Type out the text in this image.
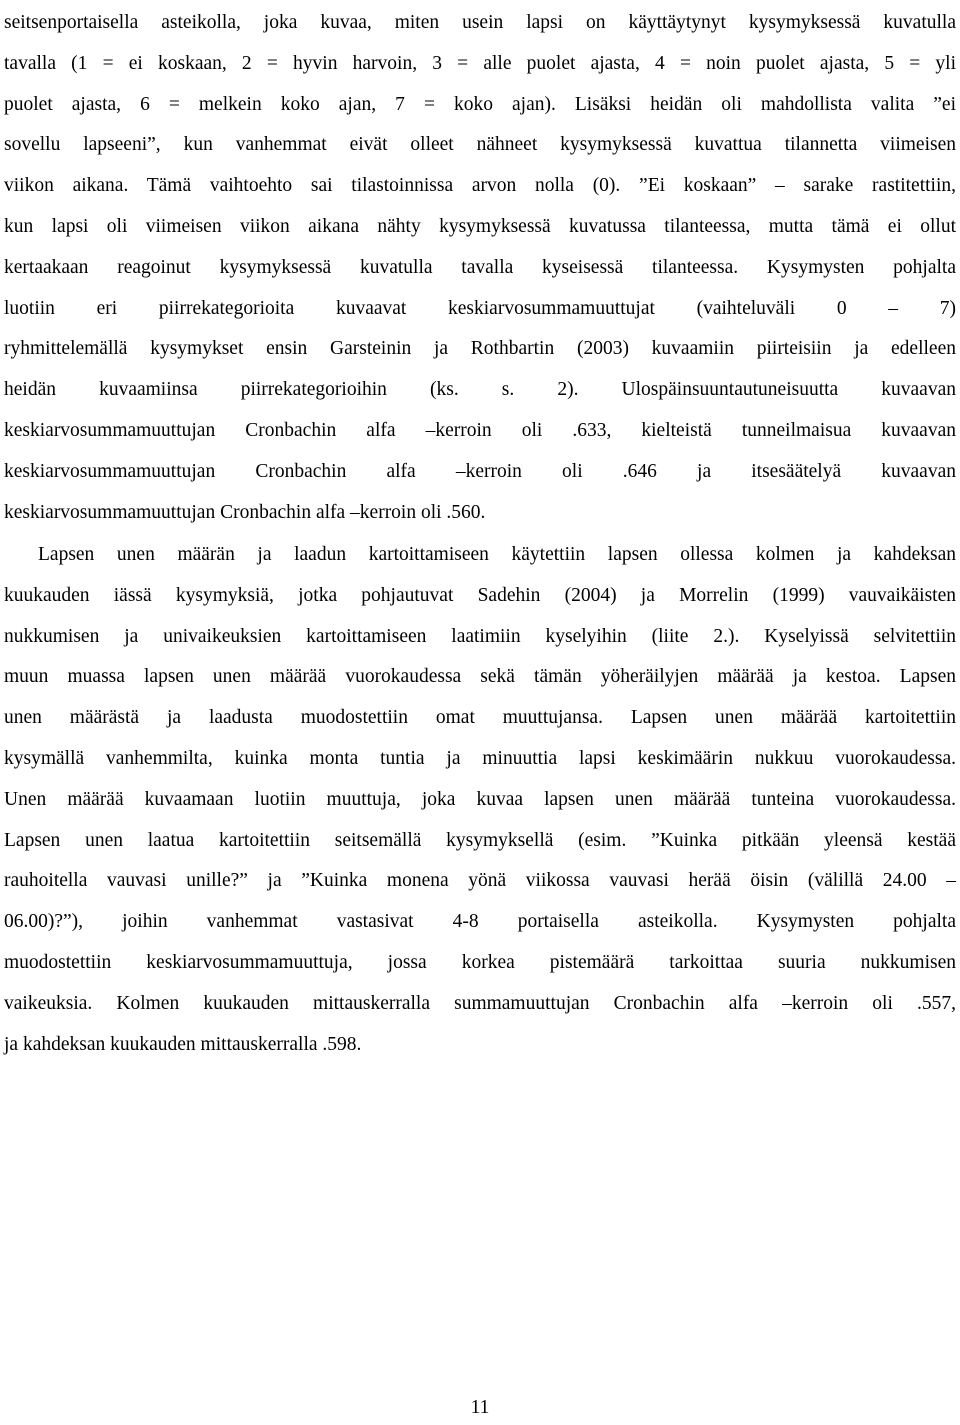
seitsenportaisella asteikolla, joka kuvaa, miten usein lapsi on käyttäytynyt kysymyksessä kuvatulla
tavalla (1 = ei koskaan, 2 = hyvin harvoin, 3 = alle puolet ajasta, 4 = noin puolet ajasta, 5 = yli
puolet ajasta, 6 = melkein koko ajan, 7 = koko ajan). Lisäksi heidän oli mahdollista valita ”ei
sovellu lapseeni”, kun vanhemmat eivät olleet nähneet kysymyksessä kuvattua tilannetta viimeisen
viikon aikana. Tämä vaihtoehto sai tilastoinnissa arvon nolla (0). ”Ei koskaan” – sarake rastitettiin,
kun lapsi oli viimeisen viikon aikana nähty kysymyksessä kuvatussa tilanteessa, mutta tämä ei ollut
kertaakaan reagoinut kysymyksessä kuvatulla tavalla kyseisessä tilanteessa. Kysymysten pohjalta
luotiin eri piirrekategorioita kuvaavat keskiarvosummamuuttujat (vaihteluväli 0 – 7)
ryhmittelemällä kysymykset ensin Garsteinin ja Rothbartin (2003) kuvaamiin piirteisiin ja edelleen
heidän kuvaamiinsa piirrekategorioihin (ks. s. 2). Ulospäinsuuntautuneisuutta kuvaavan
keskiarvosummamuuttujan Cronbachin alfa –kerroin oli .633, kielteistä tunneilmaisua kuvaavan
keskiarvosummamuuttujan Cronbachin alfa –kerroin oli .646 ja itsesäätelyä kuvaavan
keskiarvosummamuuttujan Cronbachin alfa –kerroin oli .560.
Lapsen unen määrän ja laadun kartoittamiseen käytettiin lapsen ollessa kolmen ja kahdeksan
kuukauden iässä kysymyksiä, jotka pohjautuvat Sadehin (2004) ja Morrelin (1999) vauvaikäisten
nukkumisen ja univaikeuksien kartoittamiseen laatimiin kyselyihin (liite 2.). Kyselyissä selvitettiin
muun muassa lapsen unen määrää vuorokaudessa sekä tämän yöheräilyjen määrää ja kestoa. Lapsen
unen määrästä ja laadusta muodostettiin omat muuttujansa. Lapsen unen määrää kartoitettiin
kysymällä vanhemmilta, kuinka monta tuntia ja minuuttia lapsi keskimäärin nukkuu vuorokaudessa.
Unen määrää kuvaamaan luotiin muuttuja, joka kuvaa lapsen unen määrää tunteina vuorokaudessa.
Lapsen unen laatua kartoitettiin seitsemällä kysymyksellä (esim. ”Kuinka pitkään yleensä kestää
rauhoitella vauvasi unille?” ja ”Kuinka monena yönä viikossa vauvasi herää öisin (välillä 24.00 –
06.00)?”), joihin vanhemmat vastasivat 4-8 portaisella asteikolla. Kysymysten pohjalta
muodostettiin keskiarvosummamuuttuja, jossa korkea pistemäärä tarkoittaa suuria nukkumisen
vaikeuksia. Kolmen kuukauden mittauskerralla summamuuttujan Cronbachin alfa –kerroin oli .557,
ja kahdeksan kuukauden mittauskerralla .598.
11
